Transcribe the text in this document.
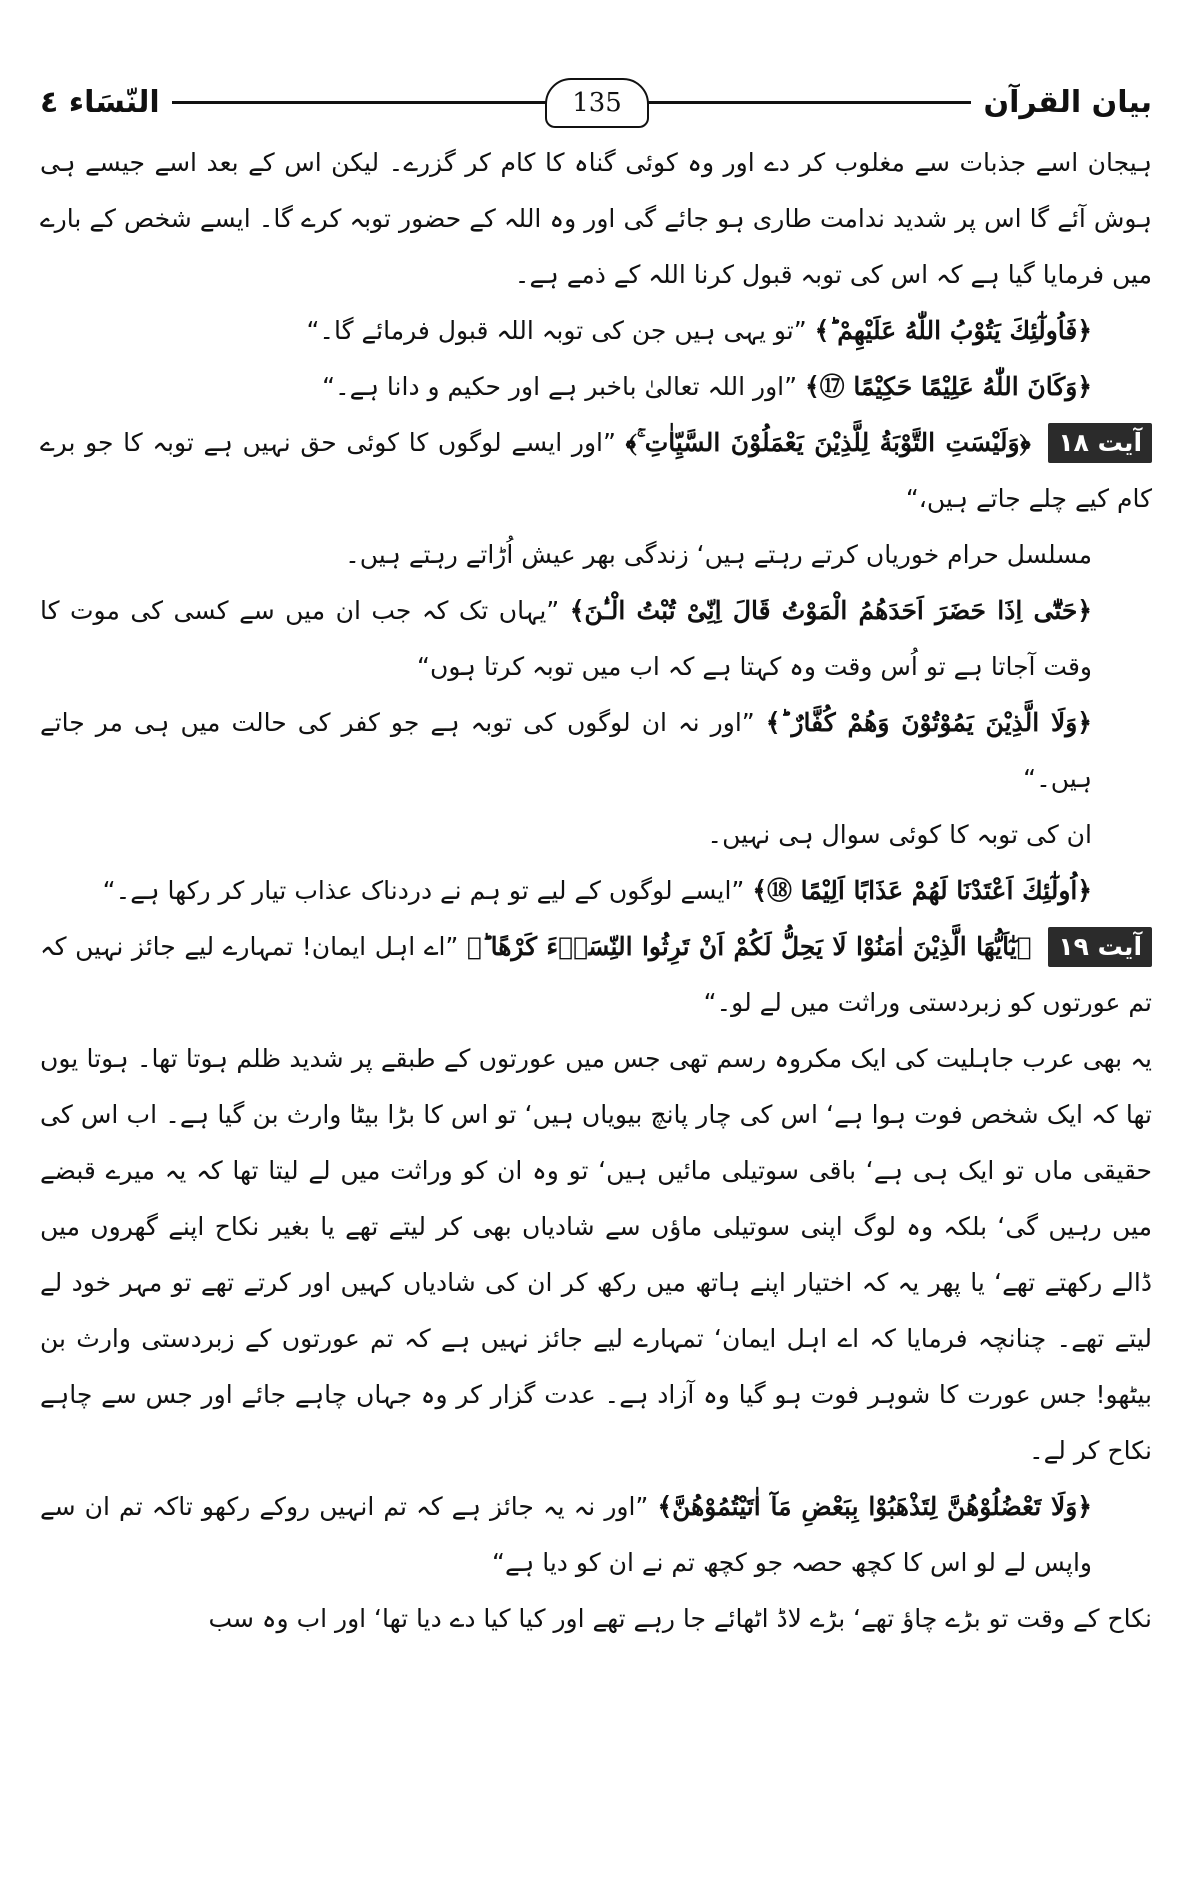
بیان القرآن
النّسَاء ٤	135

ہیجان اسے جذبات سے مغلوب کر دے اور وہ کوئی گناہ کا کام کر گزرے۔ لیکن اس کے بعد اسے جیسے ہی ہوش آئے گا اس پر شدید ندامت طاری ہو جائے گی اور وہ اللہ کے حضور توبہ کرے گا۔ ایسے شخص کے بارے میں فرمایا گیا ہے کہ اس کی توبہ قبول کرنا اللہ کے ذمے ہے۔

﴿فَاُولٰٓئِكَ يَتُوْبُ اللّٰهُ عَلَيْهِمْ ؕ﴾ ”تو یہی ہیں جن کی توبہ اللہ قبول فرمائے گا۔“

﴿وَكَانَ اللّٰهُ عَلِيْمًا حَكِيْمًا ⑰﴾ ”اور اللہ تعالیٰ باخبر ہے اور حکیم و دانا ہے۔“

آیت ۱۸ ﴿وَلَيْسَتِ التَّوْبَةُ لِلَّذِيْنَ يَعْمَلُوْنَ السَّيِّاٰتِ ۚ﴾ ”اور ایسے لوگوں کا کوئی حق نہیں ہے توبہ کا جو برے کام کیے چلے جاتے ہیں،“

مسلسل حرام خوریاں کرتے رہتے ہیں‘ زندگی بھر عیش اُڑاتے رہتے ہیں۔

﴿حَتّٰٓى اِذَا حَضَرَ اَحَدَهُمُ الْمَوْتُ قَالَ اِنِّىْ تُبْتُ الْـٰٔنَ﴾ ”یہاں تک کہ جب ان میں سے کسی کی موت کا وقت آجاتا ہے تو اُس وقت وہ کہتا ہے کہ اب میں توبہ کرتا ہوں“

﴿وَلَا الَّذِيْنَ يَمُوْتُوْنَ وَهُمْ كُفَّارٌ ؕ﴾ ”اور نہ ان لوگوں کی توبہ ہے جو کفر کی حالت میں ہی مر جاتے ہیں۔“

ان کی توبہ کا کوئی سوال ہی نہیں۔

﴿اُولٰٓئِكَ اَعْتَدْنَا لَهُمْ عَذَابًا اَلِيْمًا ⑱﴾ ”ایسے لوگوں کے لیے تو ہم نے دردناک عذاب تیار کر رکھا ہے۔“

آیت ۱۹ ﴿يٰٓاَيُّهَا الَّذِيْنَ اٰمَنُوْا لَا يَحِلُّ لَكُمْ اَنْ تَرِثُوا النِّسَاۗءَ كَرْهًا ؕ﴾ ”اے اہل ایمان! تمہارے لیے جائز نہیں کہ تم عورتوں کو زبردستی وراثت میں لے لو۔“

یہ بھی عرب جاہلیت کی ایک مکروہ رسم تھی جس میں عورتوں کے طبقے پر شدید ظلم ہوتا تھا۔ ہوتا یوں تھا کہ ایک شخص فوت ہوا ہے‘ اس کی چار پانچ بیویاں ہیں‘ تو اس کا بڑا بیٹا وارث بن گیا ہے۔ اب اس کی حقیقی ماں تو ایک ہی ہے‘ باقی سوتیلی مائیں ہیں‘ تو وہ ان کو وراثت میں لے لیتا تھا کہ یہ میرے قبضے میں رہیں گی‘ بلکہ وہ لوگ اپنی سوتیلی ماؤں سے شادیاں بھی کر لیتے تھے یا بغیر نکاح اپنے گھروں میں ڈالے رکھتے تھے‘ یا پھر یہ کہ اختیار اپنے ہاتھ میں رکھ کر ان کی شادیاں کہیں اور کرتے تھے تو مہر خود لے لیتے تھے۔ چنانچہ فرمایا کہ اے اہل ایمان‘ تمہارے لیے جائز نہیں ہے کہ تم عورتوں کے زبردستی وارث بن بیٹھو! جس عورت کا شوہر فوت ہو گیا وہ آزاد ہے۔ عدت گزار کر وہ جہاں چاہے جائے اور جس سے چاہے نکاح کر لے۔

﴿وَلَا تَعْضُلُوْهُنَّ لِتَذْهَبُوْا بِبَعْضِ مَآ اٰتَيْتُمُوْهُنَّ﴾ ”اور نہ یہ جائز ہے کہ تم انہیں روکے رکھو تاکہ تم ان سے واپس لے لو اس کا کچھ حصہ جو کچھ تم نے ان کو دیا ہے“

نکاح کے وقت تو بڑے چاؤ تھے‘ بڑے لاڈ اٹھائے جا رہے تھے اور کیا کیا دے دیا تھا‘ اور اب وہ سب
